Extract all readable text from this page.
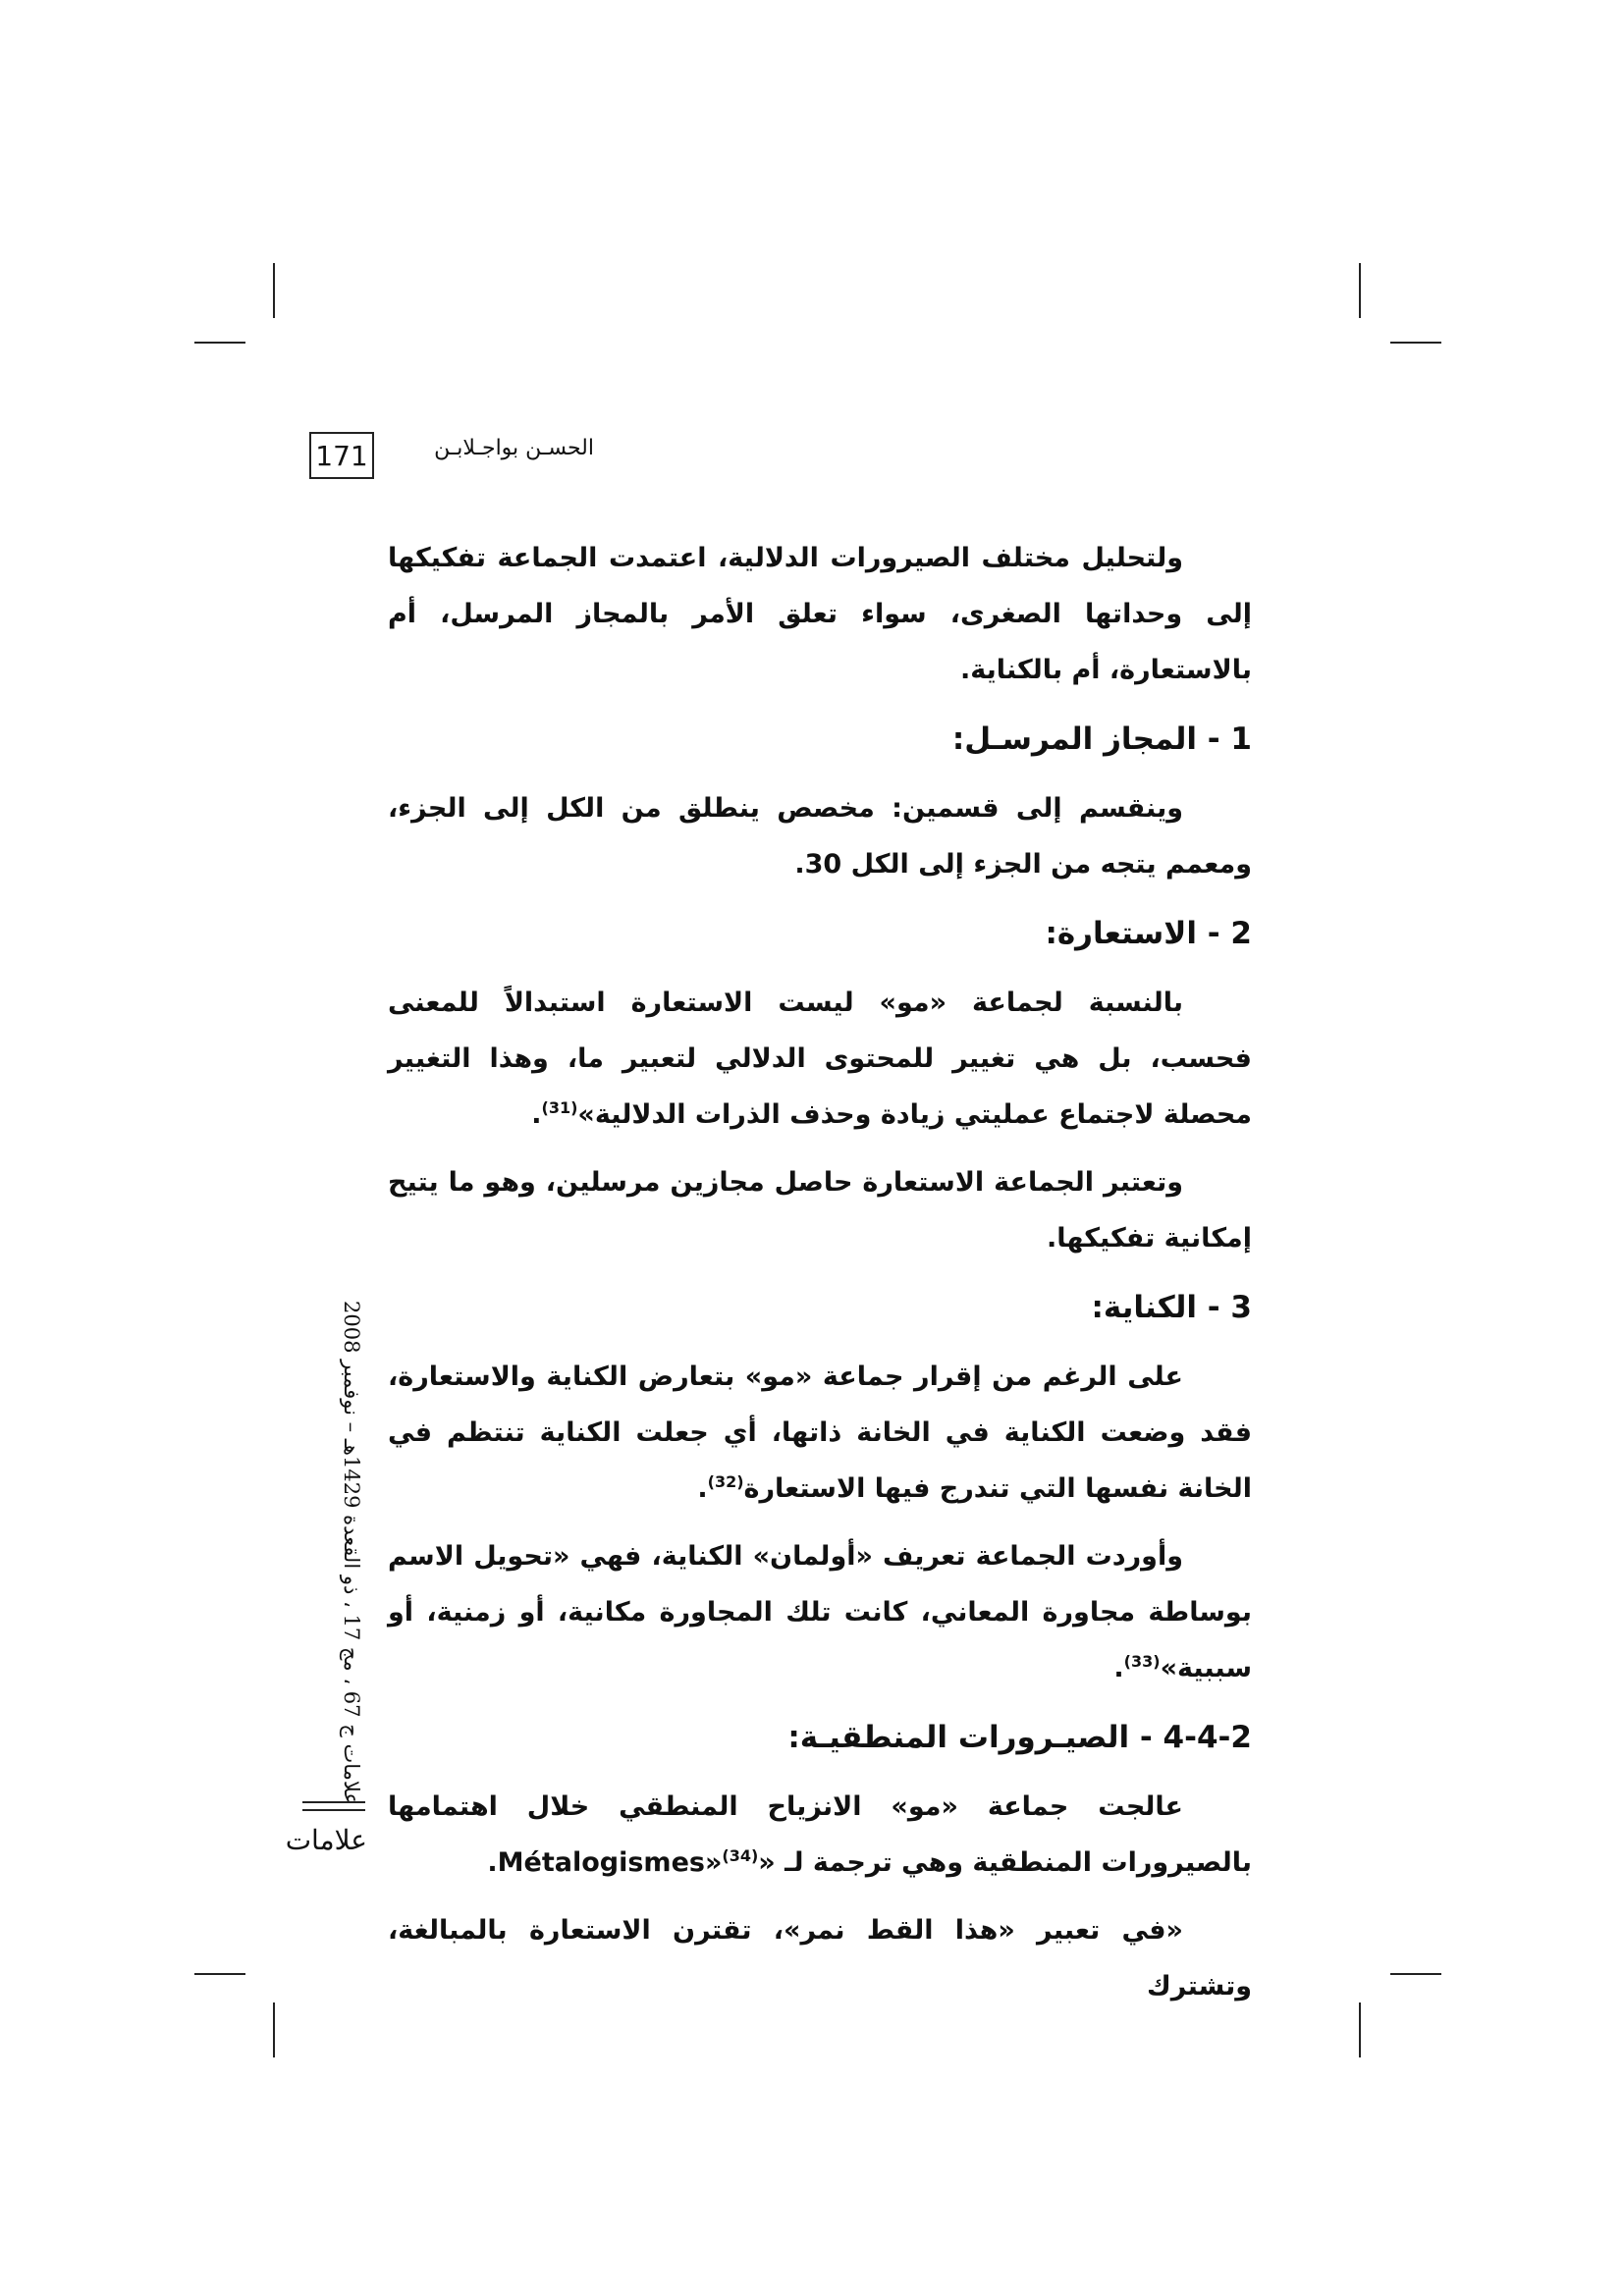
171	الحسـن بواجـلابـن
علامات ج 67 ، مج 17 ، ذو القعدة 1429هـ – نوفمبر 2008
علامات

ولتحليل مختلف الصيرورات الدلالية، اعتمدت الجماعة تفكيكها إلى وحداتها الصغرى، سواء تعلق الأمر بالمجاز المرسل، أم بالاستعارة، أم بالكناية.

1 - المجاز المرسـل:

وينقسم إلى قسمين: مخصص ينطلق من الكل إلى الجزء، ومعمم يتجه من الجزء إلى الكل 30.

2 - الاستعارة:

بالنسبة لجماعة «مو» ليست الاستعارة استبدالاً للمعنى فحسب، بل هي تغيير للمحتوى الدلالي لتعبير ما، وهذا التغيير محصلة لاجتماع عمليتي زيادة وحذف الذرات الدلالية»$^{(31)}$.

وتعتبر الجماعة الاستعارة حاصل مجازين مرسلين، وهو ما يتيح إمكانية تفكيكها.

3 - الكناية:

على الرغم من إقرار جماعة «مو» بتعارض الكناية والاستعارة، فقد وضعت الكناية في الخانة ذاتها، أي جعلت الكناية تنتظم في الخانة نفسها التي تندرج فيها الاستعارة$^{(32)}$.

وأوردت الجماعة تعريف «أولمان» الكناية، فهي «تحويل الاسم بوساطة مجاورة المعاني، كانت تلك المجاورة مكانية، أو زمنية، أو سببية»$^{(33)}$.

4-4-2 - الصيـرورات المنطقيـة:

عالجت جماعة «مو» الانزياح المنطقي خلال اهتمامها بالصيرورات المنطقية وهي ترجمة لـ «Métalogismes»$^{(34)}$.

«في تعبير «هذا القط نمر»، تقترن الاستعارة بالمبالغة، وتشترك
